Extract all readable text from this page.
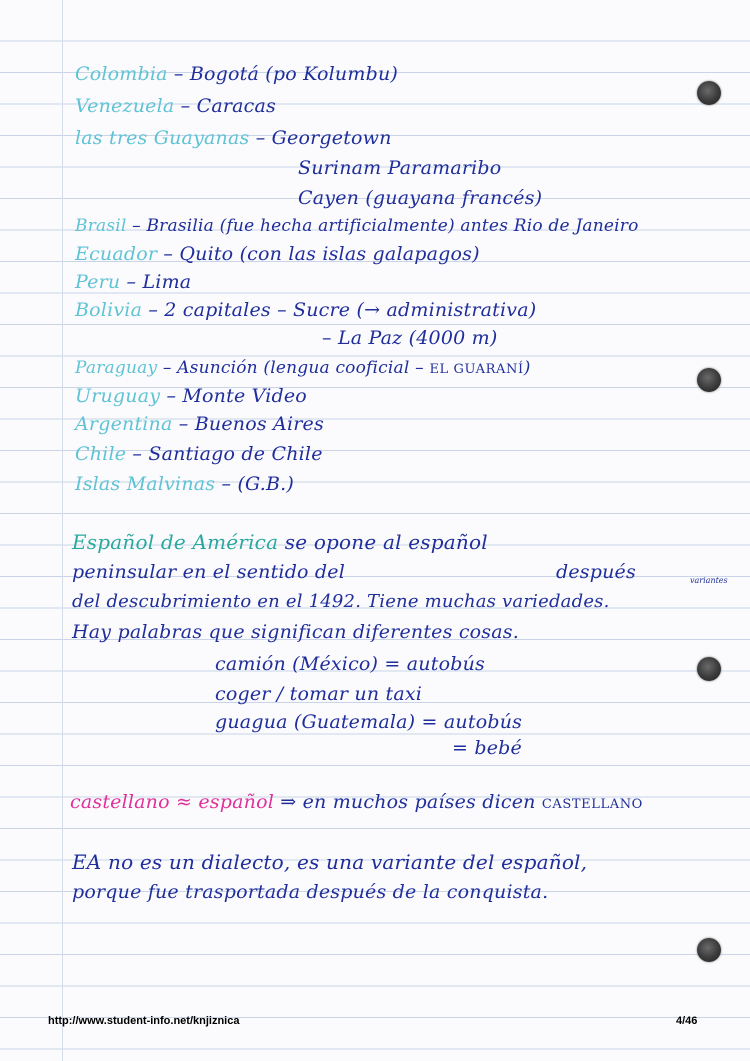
Colombia – Bogotá (po Kolumbu)
Venezuela – Caracas
las tres Guayanas – Georgetown
Surinam Paramaribo
Cayen (guayana francés)
Brasil – Brasilia (fue hecha artificialmente) antes Rio de Janeiro
Ecuador – Quito (con las islas galapagos)
Peru – Lima
Bolivia – 2 capitales – Sucre (→ administrativa)
– La Paz (4000 m)
Paraguay – Asunción (lengua cooficial – EL GUARANÍ)
Uruguay – Monte Video
Argentina – Buenos Aires
Chile – Santiago de Chile
Islas Malvinas – (G.B.)
Español de América se opone al español
peninsular en el sentido del	después	variantes
del descubrimiento en el 1492. Tiene muchas variedades.
Hay palabras que significan diferentes cosas.
camión (México) = autobús
coger / tomar un taxi
guagua (Guatemala) = autobús
= bebé
castellano ≈ español ⇒ en muchos países dicen CASTELLANO
EA no es un dialecto, es una variante del español,
porque fue trasportada después de la conquista.
http://www.student-info.net/knjiznica	4/46
